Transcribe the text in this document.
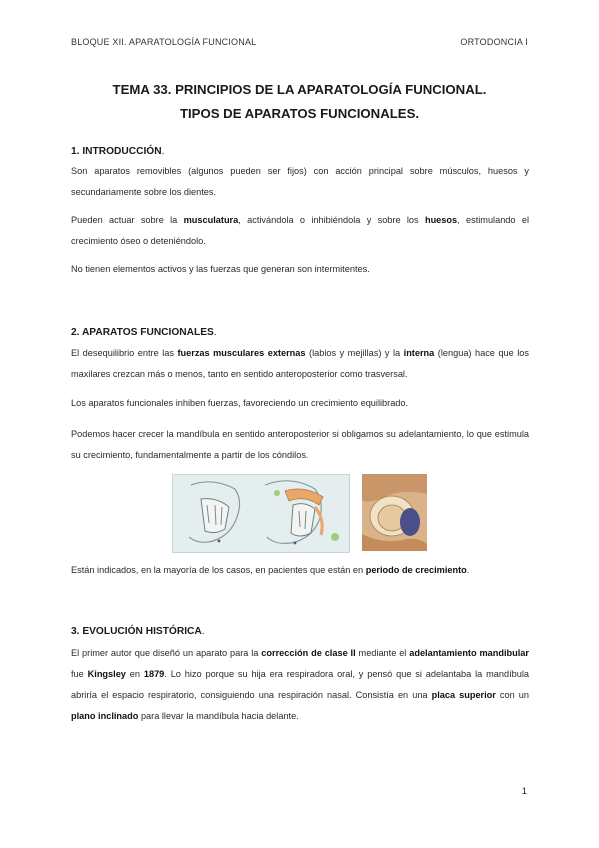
BLOQUE XII. APARATOLOGÍA FUNCIONAL	ORTODONCIA I
TEMA 33. PRINCIPIOS DE LA APARATOLOGÍA FUNCIONAL.
TIPOS DE APARATOS FUNCIONALES.
1. INTRODUCCIÓN.
Son aparatos removibles (algunos pueden ser fijos) con acción principal sobre músculos, huesos y secundariamente sobre los dientes.
Pueden actuar sobre la musculatura, activándola o inhibiéndola y sobre los huesos, estimulando el crecimiento óseo o deteniéndolo.
No tienen elementos activos y las fuerzas que generan son intermitentes.
2. APARATOS FUNCIONALES.
El desequilibrio entre las fuerzas musculares externas (labios y mejillas) y la interna (lengua) hace que los maxilares crezcan más o menos, tanto en sentido anteroposterior como trasversal.
Los aparatos funcionales inhiben fuerzas, favoreciendo un crecimiento equilibrado.
Podemos hacer crecer la mandíbula en sentido anteroposterior si obligamos su adelantamiento, lo que estimula su crecimiento, fundamentalmente a partir de los cóndilos.
Están indicados, en la mayoría de los casos, en pacientes que están en periodo de crecimiento.
3. EVOLUCIÓN HISTÓRICA.
El primer autor que diseñó un aparato para la corrección de clase II mediante el adelantamiento mandibular fue Kingsley en 1879. Lo hizo porque su hija era respiradora oral, y pensó que si adelantaba la mandíbula abriría el espacio respiratorio, consiguiendo una respiración nasal. Consistía en una placa superior con un plano inclinado para llevar la mandíbula hacia delante.
1
